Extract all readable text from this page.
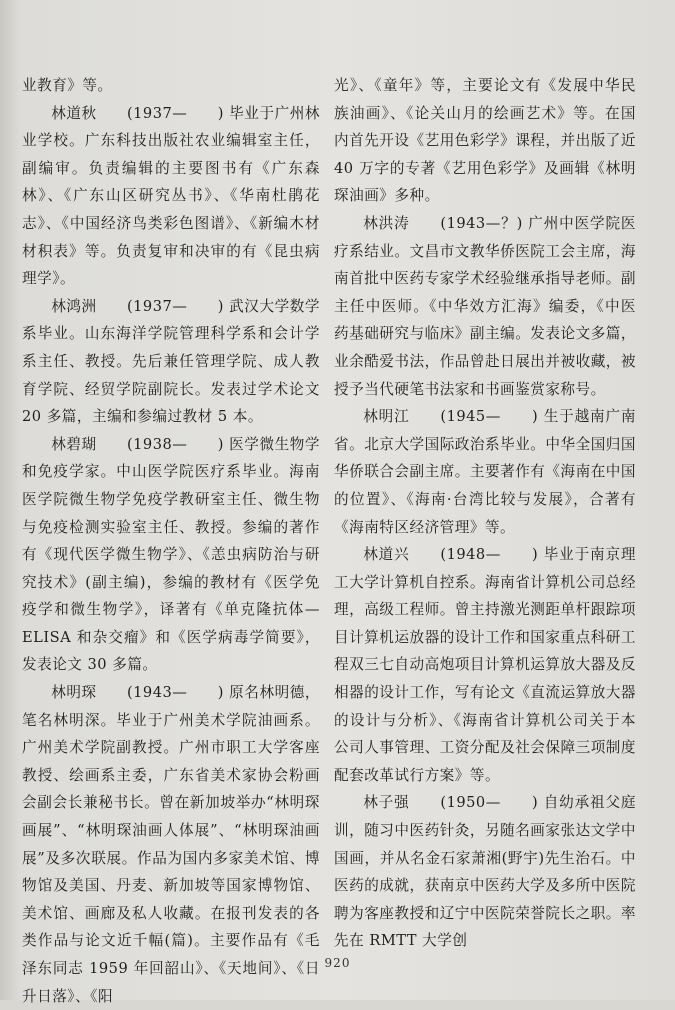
业教育》等。

林道秋　　(1937—　　) 毕业于广州林业学校。广东科技出版社农业编辑室主任，副编审。负责编辑的主要图书有《广东森林》、《广东山区研究丛书》、《华南杜鹃花志》、《中国经济鸟类彩色图谱》、《新编木材材积表》等。负责复审和决审的有《昆虫病理学》。

林鸿洲　　(1937—　　) 武汉大学数学系毕业。山东海洋学院管理科学系和会计学系主任、教授。先后兼任管理学院、成人教育学院、经贸学院副院长。发表过学术论文 20 多篇，主编和参编过教材 5 本。

林碧瑚　　(1938—　　) 医学微生物学和免疫学家。中山医学院医疗系毕业。海南医学院微生物学免疫学教研室主任、微生物与免疫检测实验室主任、教授。参编的著作有《现代医学微生物学》、《恙虫病防治与研究技术》(副主编)，参编的教材有《医学免疫学和微生物学》，译著有《单克隆抗体—ELISA 和杂交瘤》和《医学病毒学简要》，发表论文 30 多篇。

林明琛　　(1943—　　) 原名林明德，笔名林明深。毕业于广州美术学院油画系。广州美术学院副教授。广州市职工大学客座教授、绘画系主委，广东省美术家协会粉画会副会长兼秘书长。曾在新加坡举办“林明琛画展”、“林明琛油画人体展”、“林明琛油画展”及多次联展。作品为国内多家美术馆、博物馆及美国、丹麦、新加坡等国家博物馆、美术馆、画廊及私人收藏。在报刊发表的各类作品与论文近千幅(篇)。主要作品有《毛泽东同志 1959 年回韶山》、《天地间》、《日升日落》、《阳

光》、《童年》等，主要论文有《发展中华民族油画》、《论关山月的绘画艺术》等。在国内首先开设《艺用色彩学》课程，并出版了近 40 万字的专著《艺用色彩学》及画辑《林明琛油画》多种。

林洪涛　　(1943—？) 广州中医学院医疗系结业。文昌市文教华侨医院工会主席，海南首批中医药专家学术经验继承指导老师。副主任中医师。《中华效方汇海》编委，《中医药基础研究与临床》副主编。发表论文多篇，业余酷爱书法，作品曾赴日展出并被收藏，被授予当代硬笔书法家和书画鉴赏家称号。

林明江　　(1945—　　) 生于越南广南省。北京大学国际政治系毕业。中华全国归国华侨联合会副主席。主要著作有《海南在中国的位置》、《海南·台湾比较与发展》，合著有《海南特区经济管理》等。

林道兴　　(1948—　　) 毕业于南京理工大学计算机自控系。海南省计算机公司总经理，高级工程师。曾主持激光测距单杆跟踪项目计算机运放器的设计工作和国家重点科研工程双三七自动高炮项目计算机运算放大器及反相器的设计工作，写有论文《直流运算放大器的设计与分析》、《海南省计算机公司关于本公司人事管理、工资分配及社会保障三项制度配套改革试行方案》等。

林子强　　(1950—　　) 自幼承祖父庭训，随习中医药针灸，另随名画家张达文学中国画，并从名金石家萧湘(野宇)先生治石。中医药的成就，获南京中医药大学及多所中医院聘为客座教授和辽宁中医院荣誉院长之职。率先在 RMTT 大学创

920
